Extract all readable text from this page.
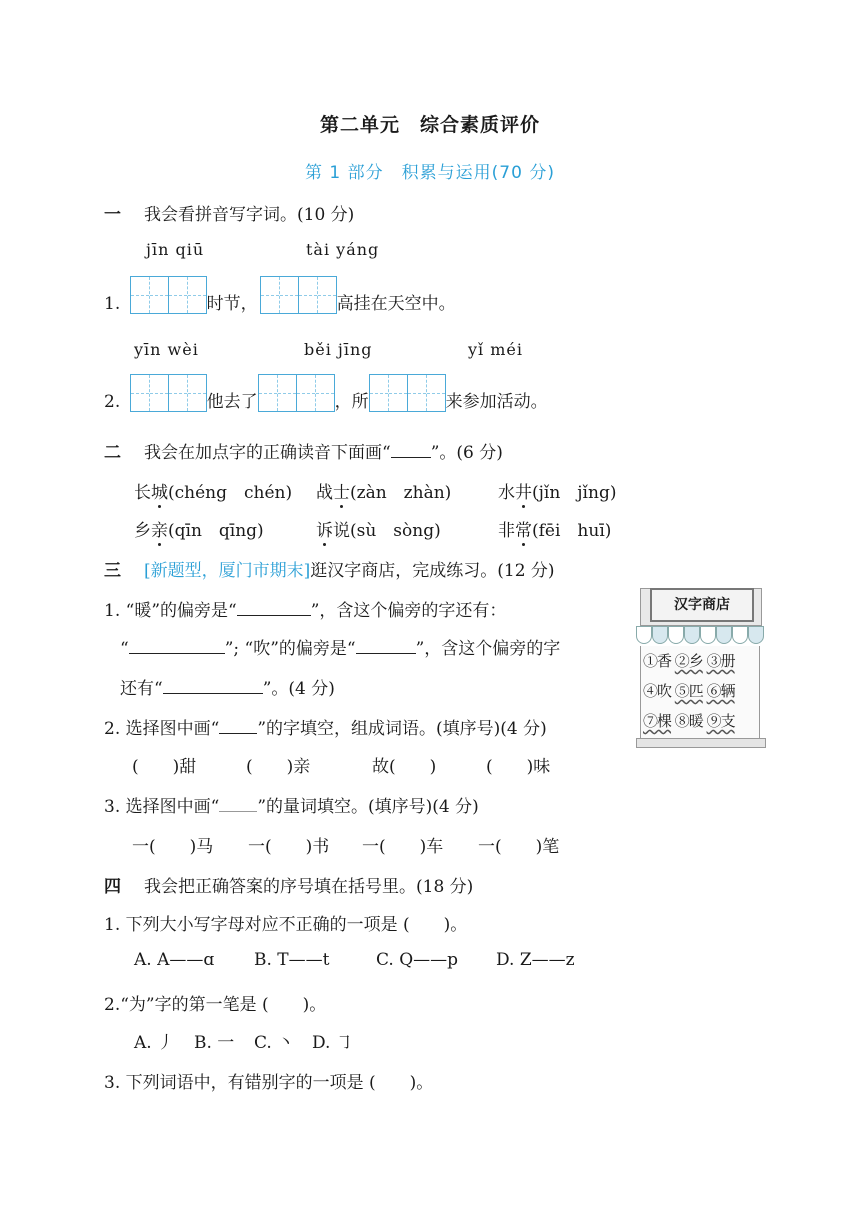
第二单元　综合素质评价
第 1 部分　积累与运用(70 分)
一 我会看拼音写字词。(10 分)
jīn qiū	tài yáng
1.	时节，	高挂在天空中。
yīn wèi	běi jīng	yǐ méi
2.	他去了	，所	来参加活动。
二 我会在加点字的正确读音下面画“ ”。(6 分)
长城(chéng　chén) 战士(zàn　zhàn)	水井(jǐn　jǐng)
乡亲(qīn　qīng)	诉说(sù　sòng)	非常(fēi　huī)
三 [新题型，厦门市期末]逛汉字商店，完成练习。(12 分)
1. “暖”的偏旁是“	”，含这个偏旁的字还有：
“	”; “吹”的偏旁是“	”，含这个偏旁的字
还有“	”。(4 分)
2. 选择图中画“ ”的字填空，组成词语。(填序号)(4 分)
(　　)甜	(　　)亲	故(　　)	(　　)味
3. 选择图中画“ ”的量词填空。(填序号)(4 分)
一(　　)马 一(　　)书 一(　　)车 一(　　)笔
汉字商店
①香 ②乡 ③册
④吹 ⑤匹 ⑥辆
⑦棵 ⑧暖 ⑨支
四 我会把正确答案的序号填在括号里。(18 分)
1. 下列大小写字母对应不正确的一项是 (　　)。
A. A——ɑ B. T——t	C. Q——p D. Z——z
2.“为”字的第一笔是 (　　)。
A. 丿 B. 一 C. 丶 D. ㇆
3. 下列词语中，有错别字的一项是 (　　)。
